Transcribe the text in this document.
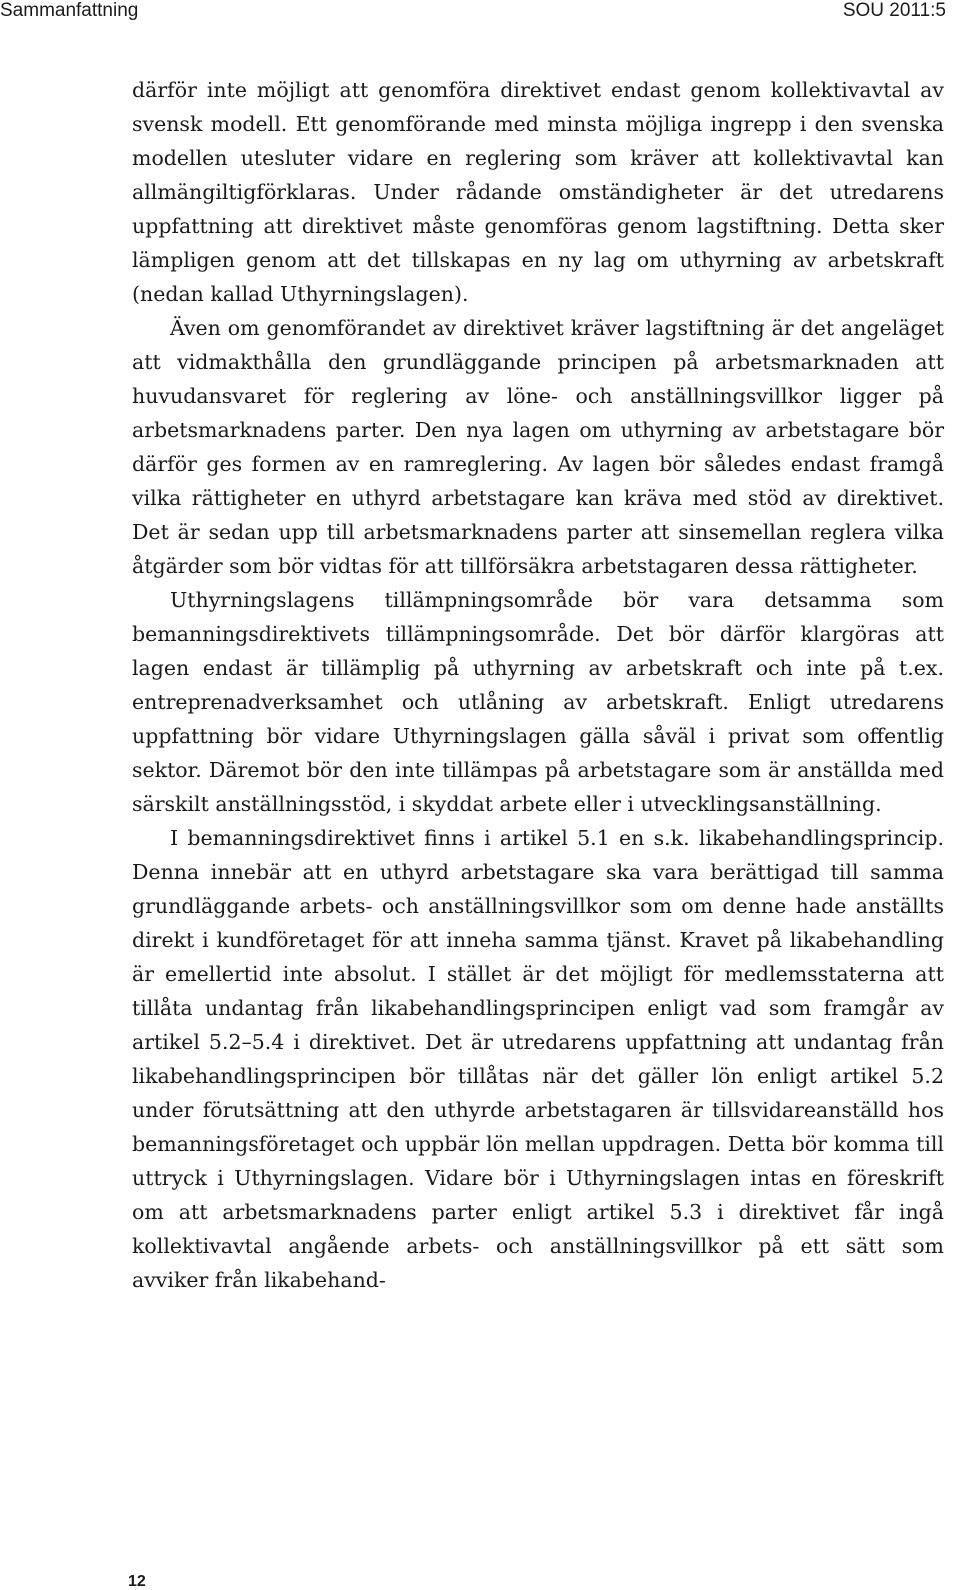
Sammanfattning	SOU 2011:5

därför inte möjligt att genomföra direktivet endast genom kollektivavtal av svensk modell. Ett genomförande med minsta möjliga ingrepp i den svenska modellen utesluter vidare en reglering som kräver att kollektivavtal kan allmängiltigförklaras. Under rådande omständigheter är det utredarens uppfattning att direktivet måste genomföras genom lagstiftning. Detta sker lämpligen genom att det tillskapas en ny lag om uthyrning av arbetskraft (nedan kallad Uthyrningslagen).

Även om genomförandet av direktivet kräver lagstiftning är det angeläget att vidmakthålla den grundläggande principen på arbetsmarknaden att huvudansvaret för reglering av löne- och anställningsvillkor ligger på arbetsmarknadens parter. Den nya lagen om uthyrning av arbetstagare bör därför ges formen av en ramreglering. Av lagen bör således endast framgå vilka rättigheter en uthyrd arbetstagare kan kräva med stöd av direktivet. Det är sedan upp till arbetsmarknadens parter att sinsemellan reglera vilka åtgärder som bör vidtas för att tillförsäkra arbetstagaren dessa rättigheter.

Uthyrningslagens tillämpningsområde bör vara detsamma som bemanningsdirektivets tillämpningsområde. Det bör därför klargöras att lagen endast är tillämplig på uthyrning av arbetskraft och inte på t.ex. entreprenadverksamhet och utlåning av arbetskraft. Enligt utredarens uppfattning bör vidare Uthyrningslagen gälla såväl i privat som offentlig sektor. Däremot bör den inte tillämpas på arbetstagare som är anställda med särskilt anställningsstöd, i skyddat arbete eller i utvecklingsanställning.

I bemanningsdirektivet finns i artikel 5.1 en s.k. likabehandlingsprincip. Denna innebär att en uthyrd arbetstagare ska vara berättigad till samma grundläggande arbets- och anställningsvillkor som om denne hade anställts direkt i kundföretaget för att inneha samma tjänst. Kravet på likabehandling är emellertid inte absolut. I stället är det möjligt för medlemsstaterna att tillåta undantag från likabehandlingsprincipen enligt vad som framgår av artikel 5.2–5.4 i direktivet. Det är utredarens uppfattning att undantag från likabehandlingsprincipen bör tillåtas när det gäller lön enligt artikel 5.2 under förutsättning att den uthyrde arbetstagaren är tillsvidareanställd hos bemanningsföretaget och uppbär lön mellan uppdragen. Detta bör komma till uttryck i Uthyrningslagen. Vidare bör i Uthyrningslagen intas en föreskrift om att arbetsmarknadens parter enligt artikel 5.3 i direktivet får ingå kollektivavtal angående arbets- och anställningsvillkor på ett sätt som avviker från likabehand-

12
